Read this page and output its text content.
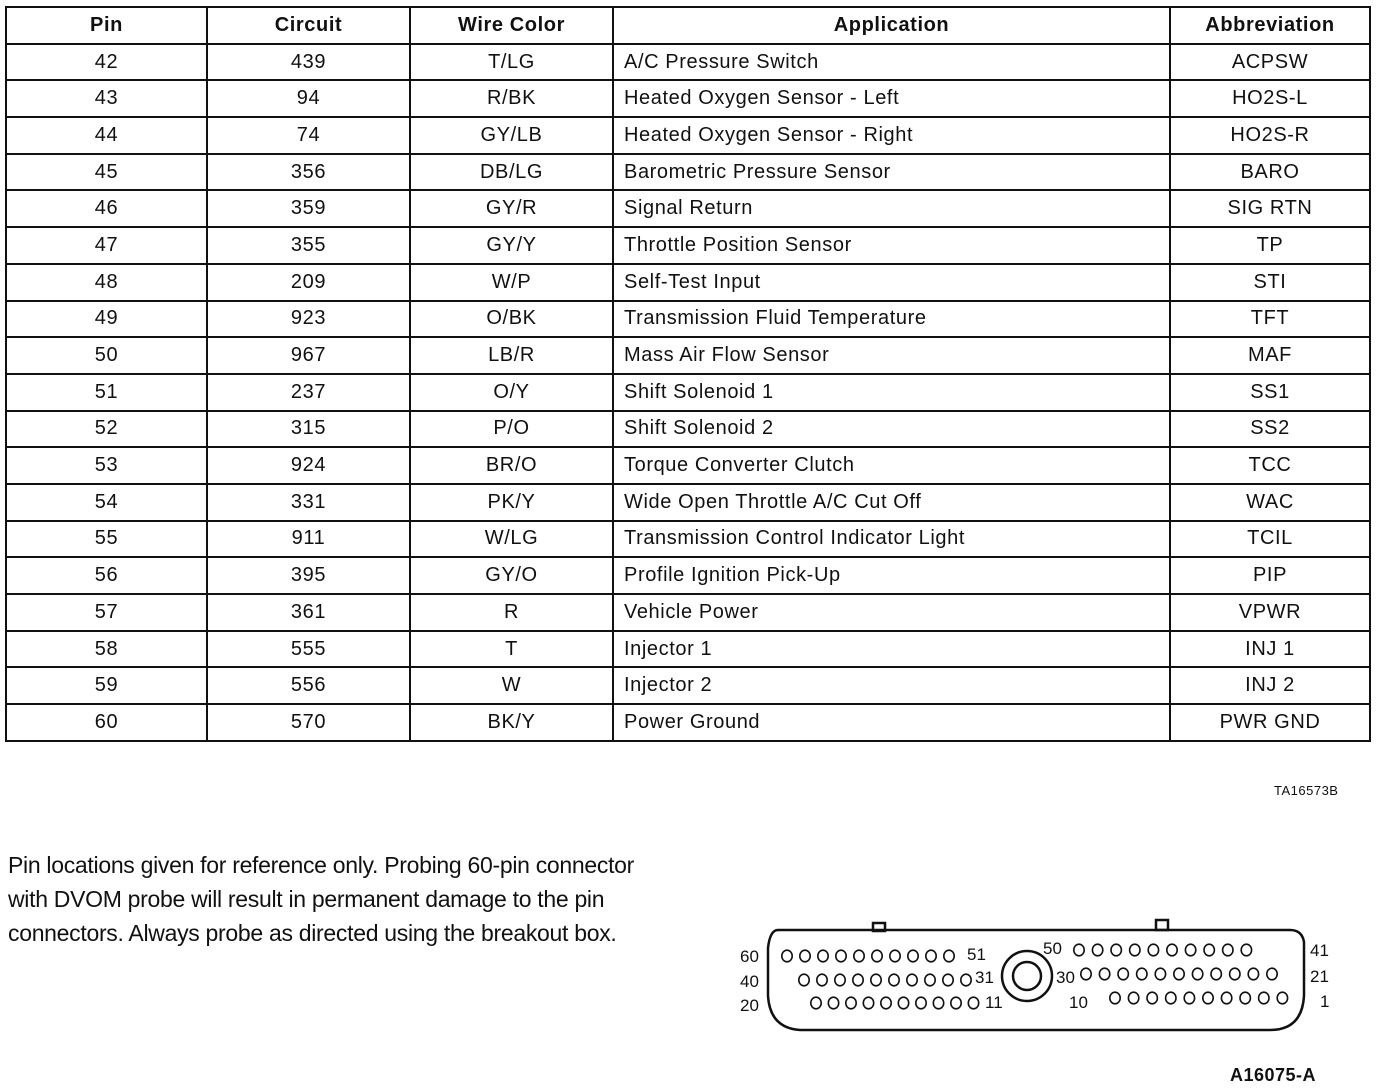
Pin	Circuit	Wire Color	Application	Abbreviation
42	439	T/LG	A/C Pressure Switch	ACPSW
43	94	R/BK	Heated Oxygen Sensor - Left	HO2S-L
44	74	GY/LB	Heated Oxygen Sensor - Right	HO2S-R
45	356	DB/LG	Barometric Pressure Sensor	BARO
46	359	GY/R	Signal Return	SIG RTN
47	355	GY/Y	Throttle Position Sensor	TP
48	209	W/P	Self-Test Input	STI
49	923	O/BK	Transmission Fluid Temperature	TFT
50	967	LB/R	Mass Air Flow Sensor	MAF
51	237	O/Y	Shift Solenoid 1	SS1
52	315	P/O	Shift Solenoid 2	SS2
53	924	BR/O	Torque Converter Clutch	TCC
54	331	PK/Y	Wide Open Throttle A/C Cut Off	WAC
55	911	W/LG	Transmission Control Indicator Light	TCIL
56	395	GY/O	Profile Ignition Pick-Up	PIP
57	361	R	Vehicle Power	VPWR
58	555	T	Injector 1	INJ 1
59	556	W	Injector 2	INJ 2
60	570	BK/Y	Power Ground	PWR GND
TA16573B
Pin locations given for reference only. Probing 60-pin connector with DVOM probe will result in permanent damage to the pin connectors. Always probe as directed using the breakout box.
60
40
20
51
31
11
50
30
10
41
21
1
A16075-A
